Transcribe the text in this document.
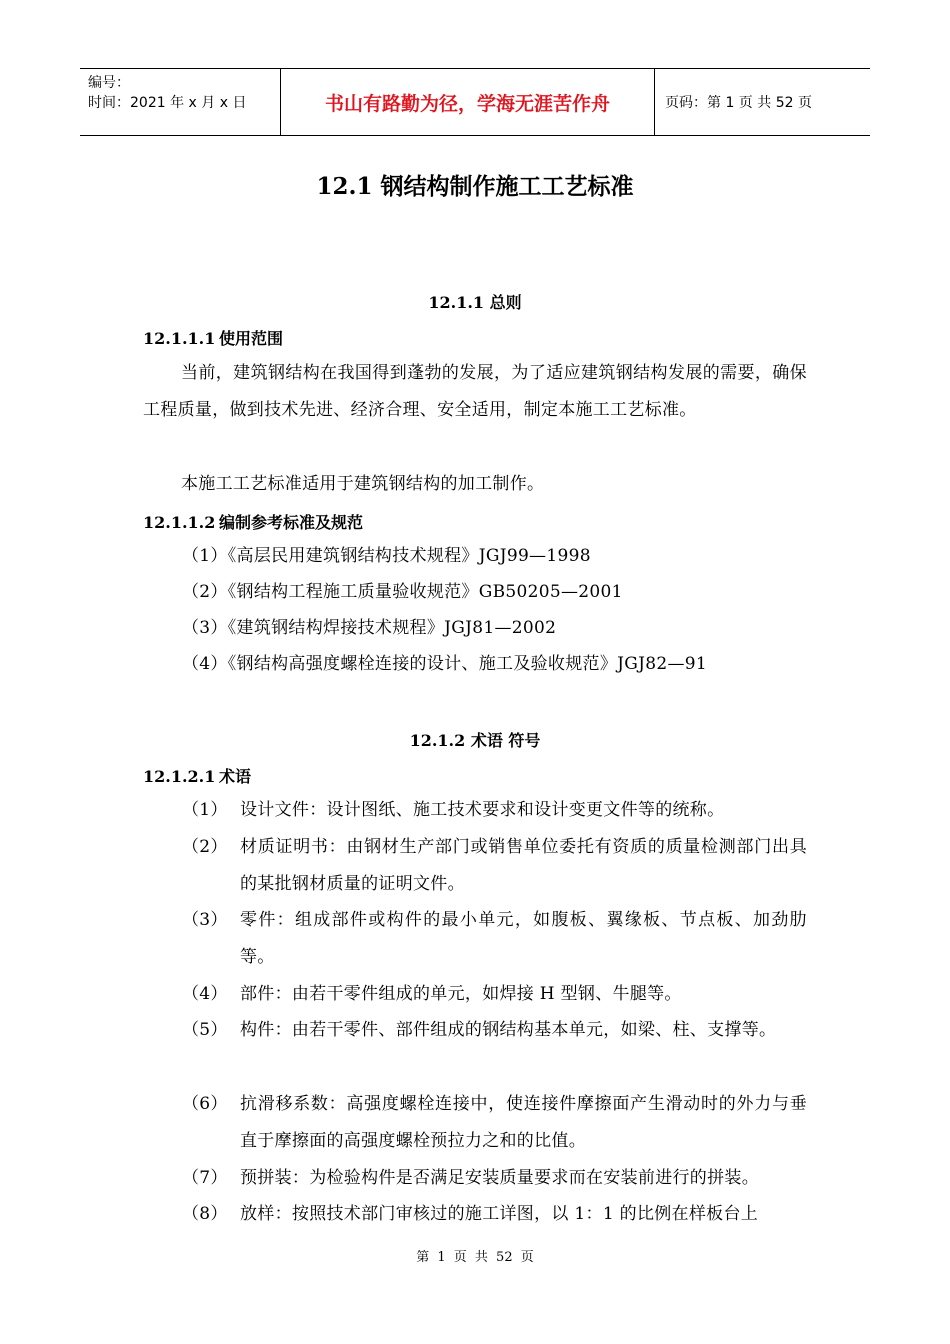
编号：
时间：2021 年 x 月 x 日	书山有路勤为径，学海无涯苦作舟	页码：第 1 页 共 52 页
12.1 钢结构制作施工工艺标准
12.1.1 总则
12.1.1.1 使用范围
当前，建筑钢结构在我国得到蓬勃的发展，为了适应建筑钢结构发展的需要，确保工程质量，做到技术先进、经济合理、安全适用，制定本施工工艺标准。
本施工工艺标准适用于建筑钢结构的加工制作。
12.1.1.2 编制参考标准及规范
（1）《高层民用建筑钢结构技术规程》JGJ99—1998
（2）《钢结构工程施工质量验收规范》GB50205—2001
（3）《建筑钢结构焊接技术规程》JGJ81—2002
（4）《钢结构高强度螺栓连接的设计、施工及验收规范》JGJ82—91
12.1.2 术语 符号
12.1.2.1 术语
（1） 设计文件：设计图纸、施工技术要求和设计变更文件等的统称。
（2） 材质证明书：由钢材生产部门或销售单位委托有资质的质量检测部门出具的某批钢材质量的证明文件。
（3） 零件：组成部件或构件的最小单元，如腹板、翼缘板、节点板、加劲肋等。
（4） 部件：由若干零件组成的单元，如焊接 H 型钢、牛腿等。
（5） 构件：由若干零件、部件组成的钢结构基本单元，如梁、柱、支撑等。
（6） 抗滑移系数：高强度螺栓连接中，使连接件摩擦面产生滑动时的外力与垂直于摩擦面的高强度螺栓预拉力之和的比值。
（7） 预拼装：为检验构件是否满足安装质量要求而在安装前进行的拼装。
（8） 放样：按照技术部门审核过的施工详图，以 1：1 的比例在样板台上
第 1 页 共 52 页
